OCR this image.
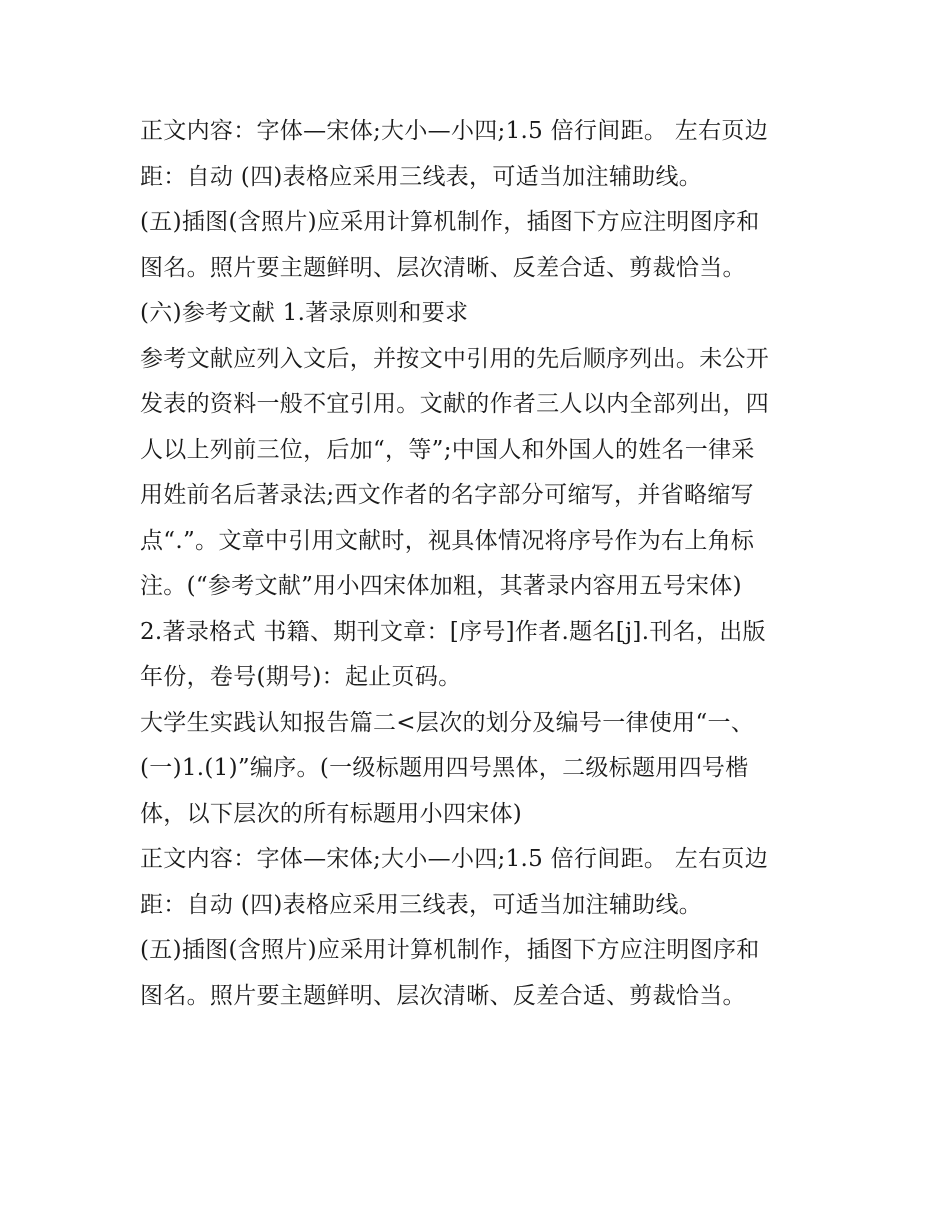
正文内容：字体—宋体;大小—小四;1.5 倍行间距。 左右页边
距：自动 (四)表格应采用三线表，可适当加注辅助线。
(五)插图(含照片)应采用计算机制作，插图下方应注明图序和
图名。照片要主题鲜明、层次清晰、反差合适、剪裁恰当。
(六)参考文献 1.著录原则和要求
参考文献应列入文后，并按文中引用的先后顺序列出。未公开
发表的资料一般不宜引用。文献的作者三人以内全部列出，四
人以上列前三位，后加“，等”;中国人和外国人的姓名一律采
用姓前名后著录法;西文作者的名字部分可缩写，并省略缩写
点“.”。文章中引用文献时，视具体情况将序号作为右上角标
注。(“参考文献”用小四宋体加粗，其著录内容用五号宋体)
2.著录格式 书籍、期刊文章：[序号]作者.题名[j].刊名，出版
年份，卷号(期号)：起止页码。
大学生实践认知报告篇二<层次的划分及编号一律使用“一、
(一)1.(1)”编序。(一级标题用四号黑体，二级标题用四号楷
体，以下层次的所有标题用小四宋体)
正文内容：字体—宋体;大小—小四;1.5 倍行间距。 左右页边
距：自动 (四)表格应采用三线表，可适当加注辅助线。
(五)插图(含照片)应采用计算机制作，插图下方应注明图序和
图名。照片要主题鲜明、层次清晰、反差合适、剪裁恰当。
